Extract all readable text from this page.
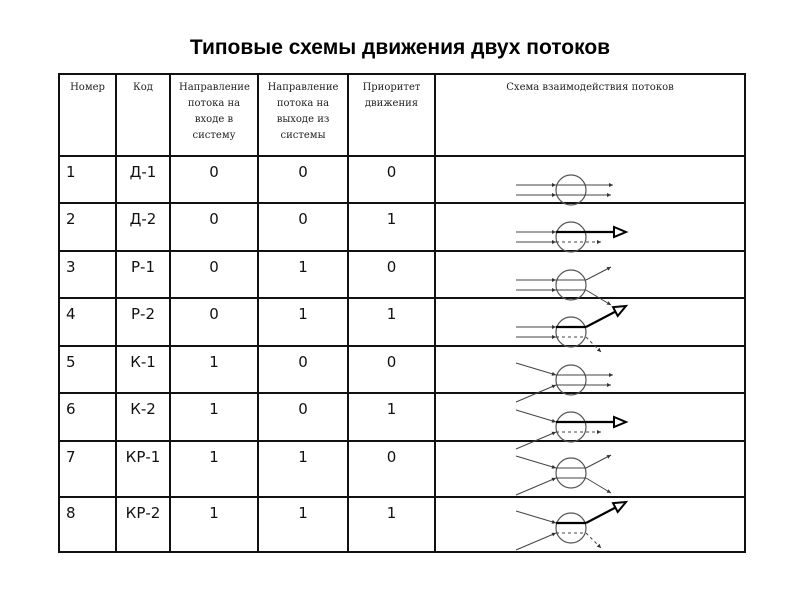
Типовые схемы движения двух потоков
Номер	Код	Направление потока на входе в систему	Направление потока на выходе из системы	Приоритет движения	Схема взаимодействия потоков
1	Д-1	0	0	0	

2	Д-2	0	0	1	

3	Р-1	0	1	0	

4	Р-2	0	1	1	

5	К-1	1	0	0	

6	К-2	1	0	1	

7	КР-1	1	1	0	

8	КР-2	1	1	1	
